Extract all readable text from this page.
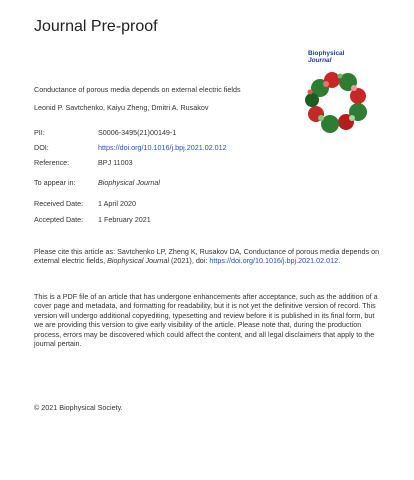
Journal Pre-proof
Biophysical
Journal
Conductance of porous media depends on external electric fields
Leonid P. Savtchenko, Kaiyu Zheng, Dmitri A. Rusakov
PII:	S0006-3495(21)00149-1
DOI:	https://doi.org/10.1016/j.bpj.2021.02.012
Reference:	BPJ 11003
To appear in:	Biophysical Journal
Received Date: 1 April 2020
Accepted Date: 1 February 2021
Please cite this article as: Savtchenko LP, Zheng K, Rusakov DA, Conductance of porous media depends on external electric fields, Biophysical Journal (2021), doi: https://doi.org/10.1016/j.bpj.2021.02.012.
This is a PDF file of an article that has undergone enhancements after acceptance, such as the addition of a cover page and metadata, and formatting for readability, but it is not yet the definitive version of record. This version will undergo additional copyediting, typesetting and review before it is published in its final form, but we are providing this version to give early visibility of the article. Please note that, during the production process, errors may be discovered which could affect the content, and all legal disclaimers that apply to the journal pertain.
© 2021 Biophysical Society.
